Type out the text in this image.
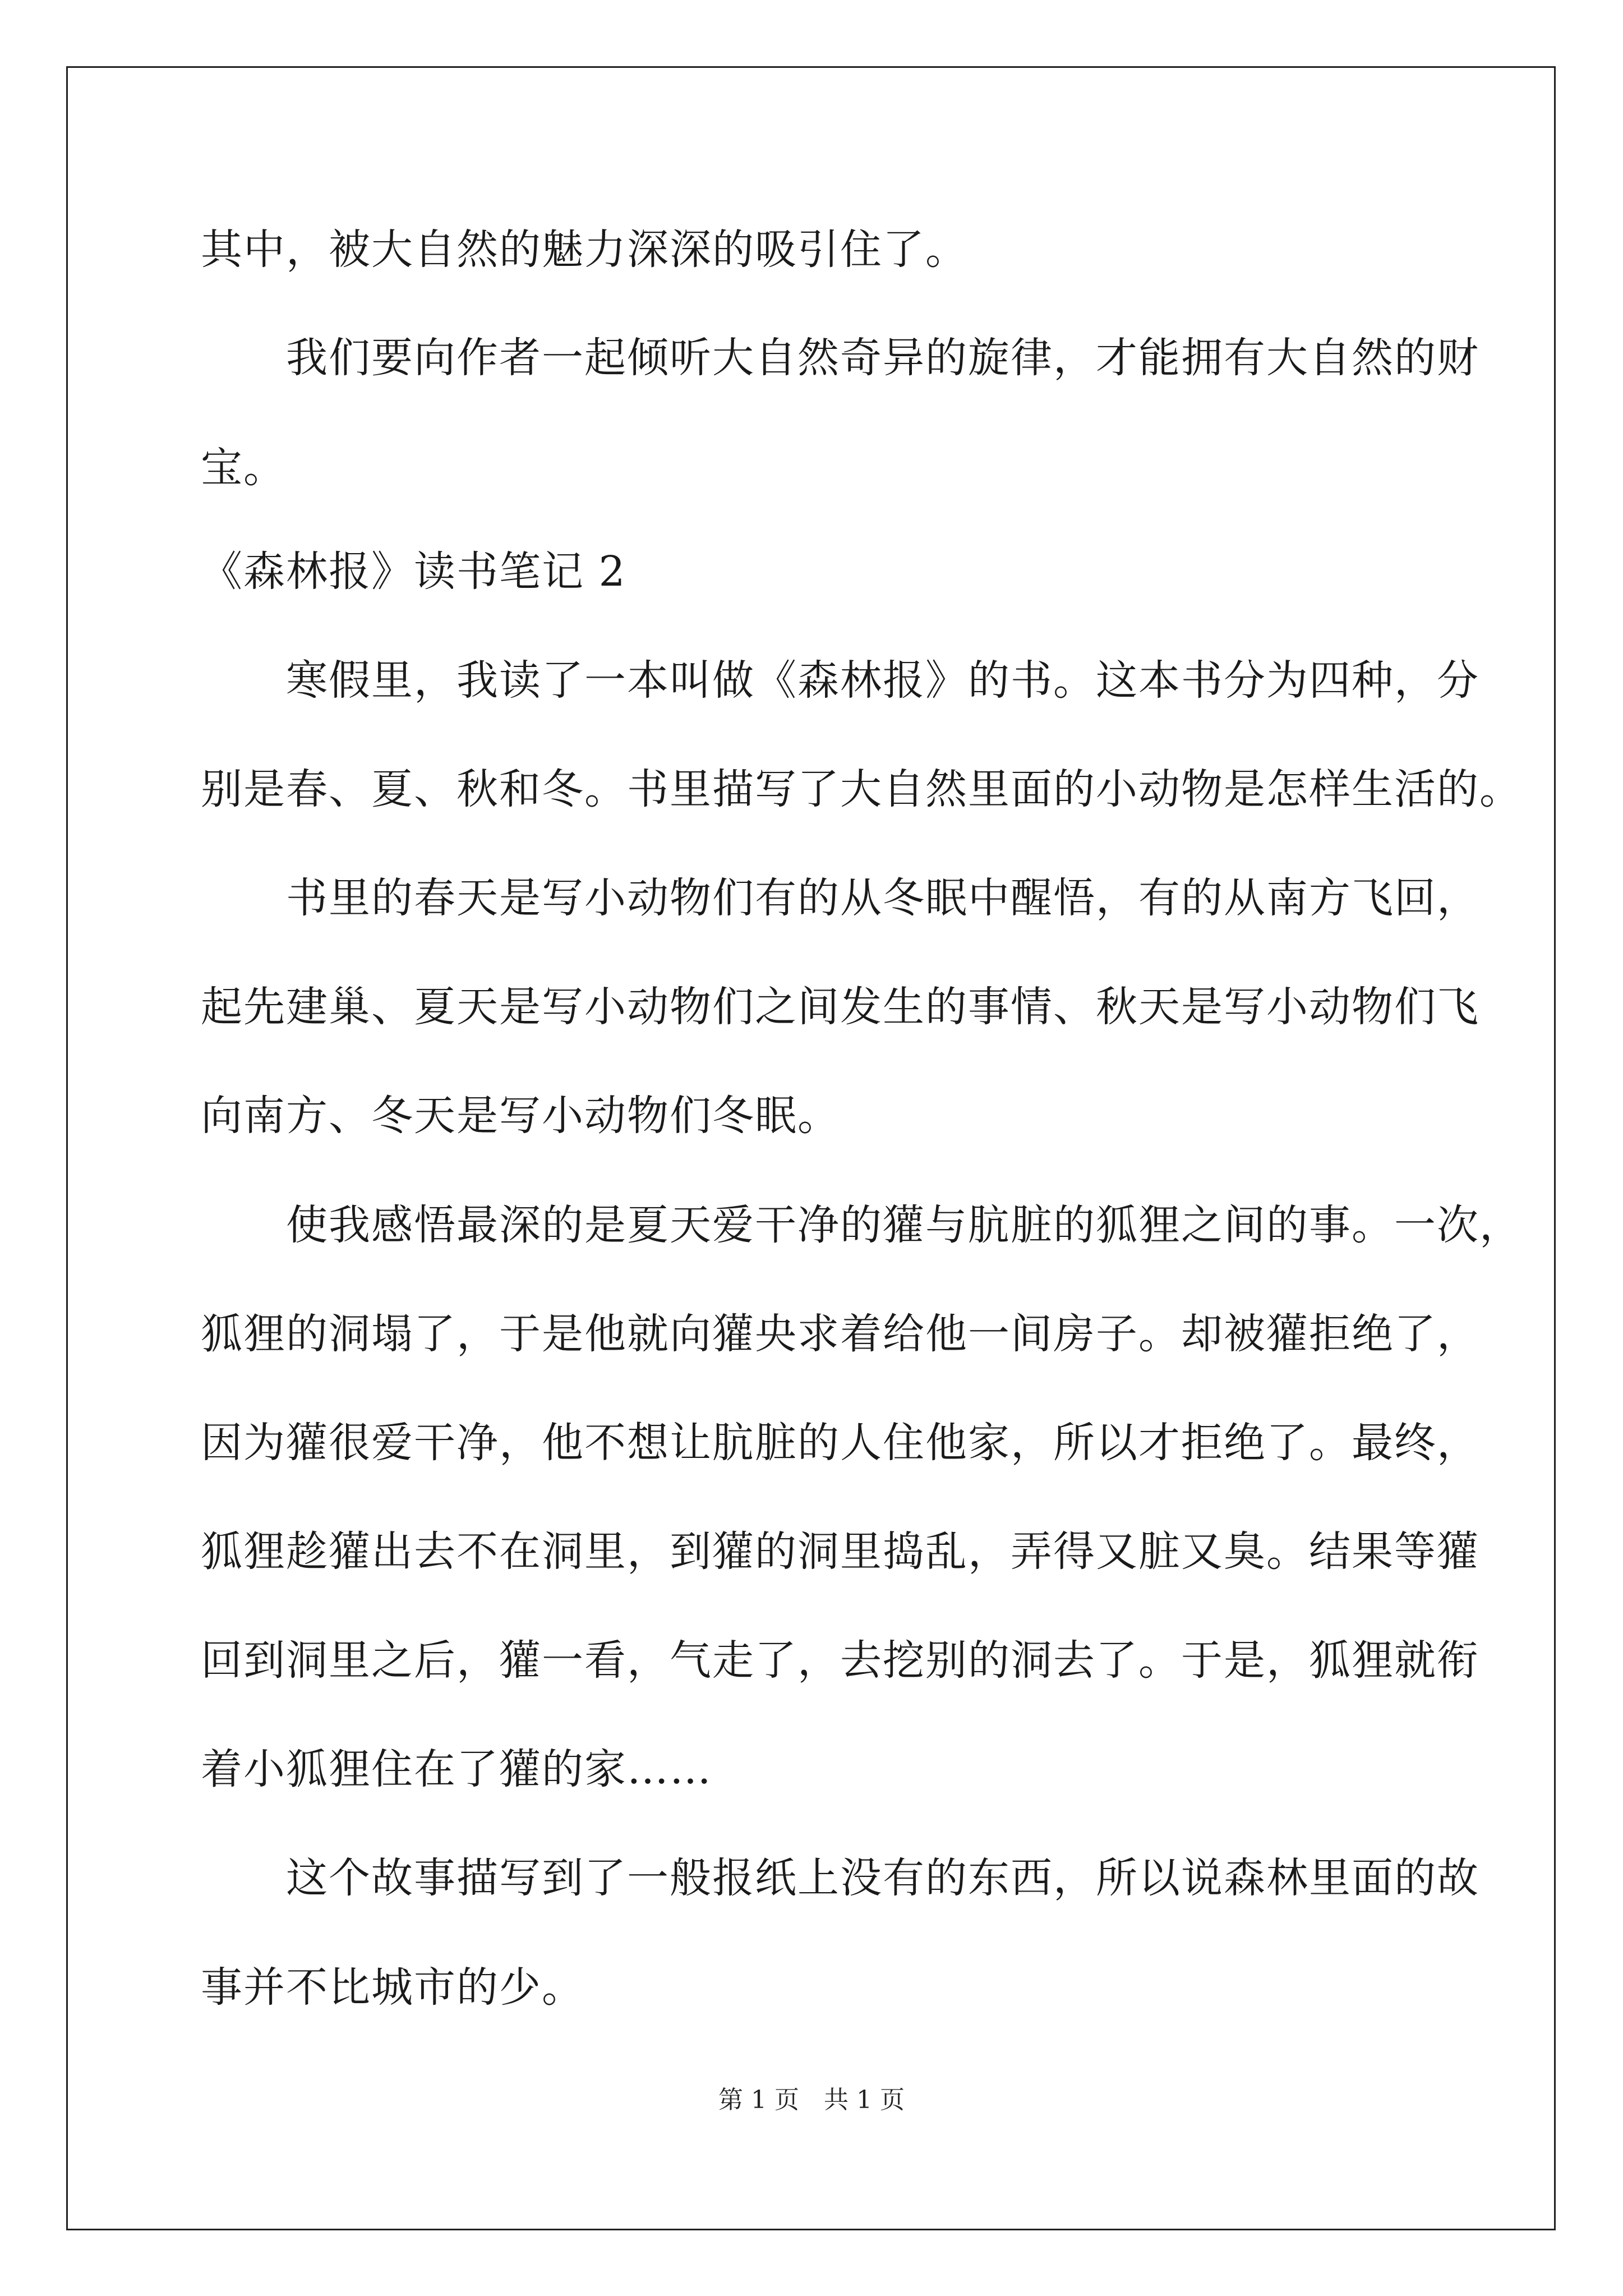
其中，被大自然的魅力深深的吸引住了。
　　我们要向作者一起倾听大自然奇异的旋律，才能拥有大自然的财
宝。
《森林报》读书笔记 2
　　寒假里，我读了一本叫做《森林报》的书。这本书分为四种，分
别是春、夏、秋和冬。书里描写了大自然里面的小动物是怎样生活的。
　　书里的春天是写小动物们有的从冬眠中醒悟，有的从南方飞回，
起先建巢、夏天是写小动物们之间发生的事情、秋天是写小动物们飞
向南方、冬天是写小动物们冬眠。
　　使我感悟最深的是夏天爱干净的獾与肮脏的狐狸之间的事。一次，
狐狸的洞塌了，于是他就向獾央求着给他一间房子。却被獾拒绝了，
因为獾很爱干净，他不想让肮脏的人住他家，所以才拒绝了。最终，
狐狸趁獾出去不在洞里，到獾的洞里捣乱，弄得又脏又臭。结果等獾
回到洞里之后，獾一看，气走了，去挖别的洞去了。于是，狐狸就衔
着小狐狸住在了獾的家……
　　这个故事描写到了一般报纸上没有的东西，所以说森林里面的故
事并不比城市的少。
第 1 页　共 1 页
